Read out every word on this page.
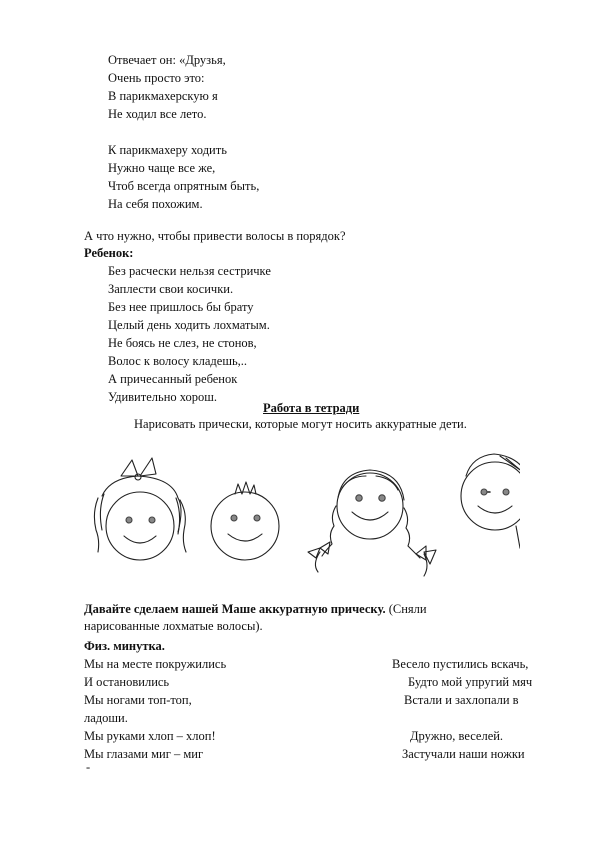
Отвечает он: «Друзья,
Очень просто это:
В парикмахерскую я
Не ходил все лето.
К парикмахеру ходить
Нужно чаще все же,
Чтоб всегда опрятным быть,
На себя похожим.
А что нужно, чтобы привести волосы в порядок?
Ребенок:
Без расчески нельзя сестричке
Заплести свои косички.
Без нее пришлось бы брату
Целый день ходить лохматым.
Не боясь не слез, не стонов,
Волос к волосу кладешь,..
А причесанный ребенок
Удивительно хорош.
Работа в тетради
Нарисовать прически, которые могут носить аккуратные дети.
Давайте сделаем нашей Маше аккуратную прическу. (Сняли
нарисованные лохматые волосы).
Физ. минутка.
Мы на месте покружились
И остановились
Мы ногами топ-топ,
ладоши.
Мы руками хлоп – хлоп!
Мы глазами миг – миг
Весело пустились вскачь,
Будто мой упругий мяч
Встали и захлопали в
Дружно, веселей.
Застучали наши ножки
-
